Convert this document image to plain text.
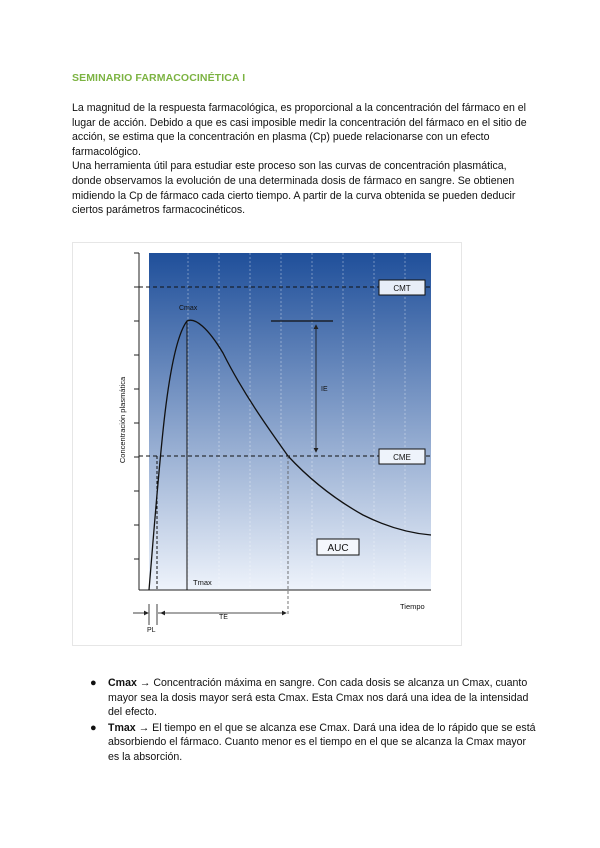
SEMINARIO FARMACOCINÉTICA I

La magnitud de la respuesta farmacológica, es proporcional a la concentración del fármaco en el lugar de acción. Debido a que es casi imposible medir la concentración del fármaco en el sitio de acción, se estima que la concentración en plasma (Cp) puede relacionarse con un efecto farmacológico.

Una herramienta útil para estudiar este proceso son las curvas de concentración plasmática, donde observamos la evolución de una determinada dosis de fármaco en sangre. Se obtienen midiendo la Cp de fármaco cada cierto tiempo. A partir de la curva obtenida se pueden deducir ciertos parámetros farmacocinéticos.

CMT
CME
Cmax
Tmax
IE
AUC
Concentración plasmática
Tiempo
PL
TE
● Cmax → Concentración máxima en sangre. Con cada dosis se alcanza un Cmax, cuanto mayor sea la dosis mayor será esta Cmax. Esta Cmax nos dará una idea de la intensidad del efecto.
● Tmax → El tiempo en el que se alcanza ese Cmax. Dará una idea de lo rápido que se está absorbiendo el fármaco. Cuanto menor es el tiempo en el que se alcanza la Cmax mayor es la absorción.
